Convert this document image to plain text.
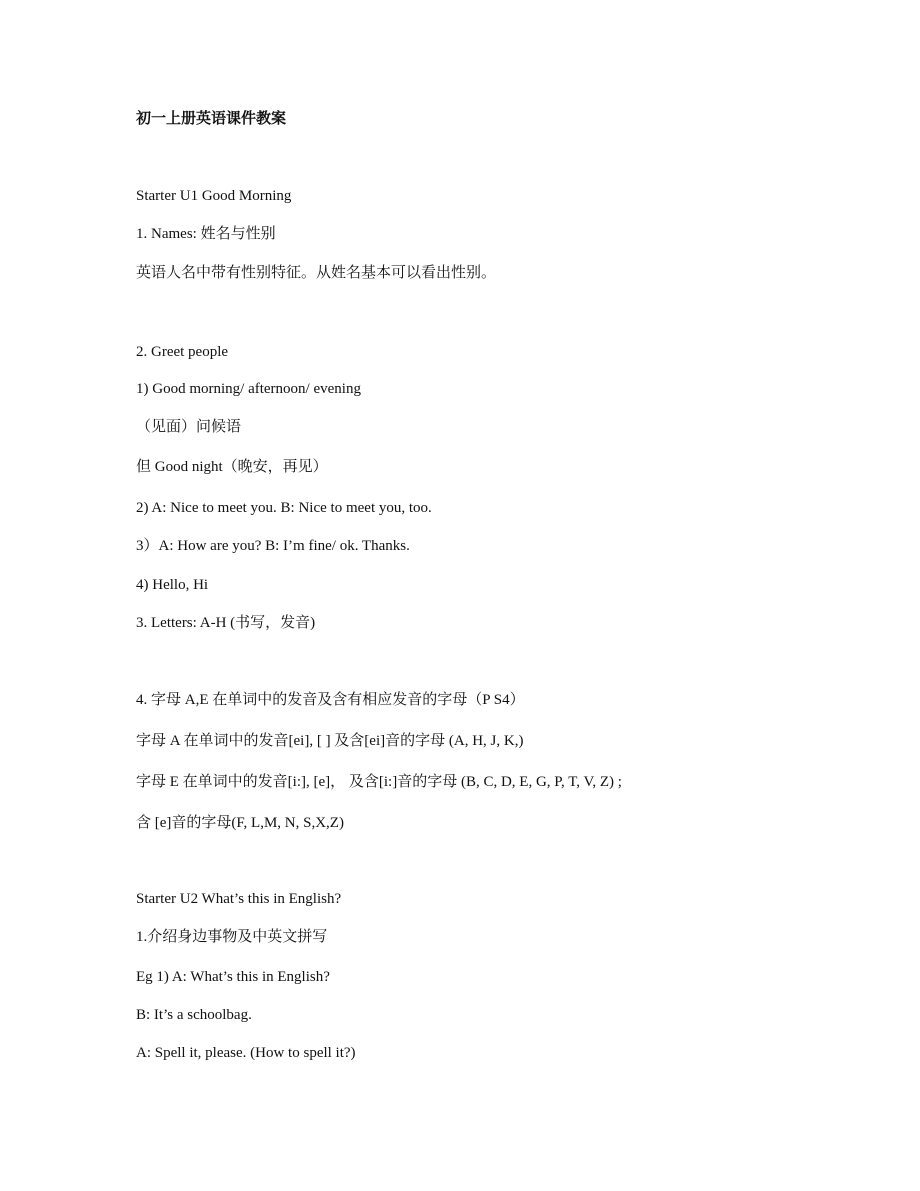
初一上册英语课件教案
Starter U1 Good Morning
1. Names: 姓名与性别
英语人名中带有性别特征。从姓名基本可以看出性别。
2. Greet people
1) Good morning/ afternoon/ evening
（见面）问候语
但 Good night（晚安，再见）
2) A: Nice to meet you. B: Nice to meet you, too.
3）A: How are you? B: I’m fine/ ok. Thanks.
4) Hello, Hi
3. Letters: A-H (书写，发音)
4. 字母 A,E 在单词中的发音及含有相应发音的字母（P S4）
字母 A 在单词中的发音[ei], [ ] 及含[ei]音的字母 (A, H, J, K,)
字母 E 在单词中的发音[i:], [e]， 及含[i:]音的字母 (B, C, D, E, G, P, T, V, Z) ;
含 [e]音的字母(F, L,M, N, S,X,Z)
Starter U2 What’s this in English?
1.介绍身边事物及中英文拼写
Eg 1) A: What’s this in English?
B: It’s a schoolbag.
A: Spell it, please. (How to spell it?)
